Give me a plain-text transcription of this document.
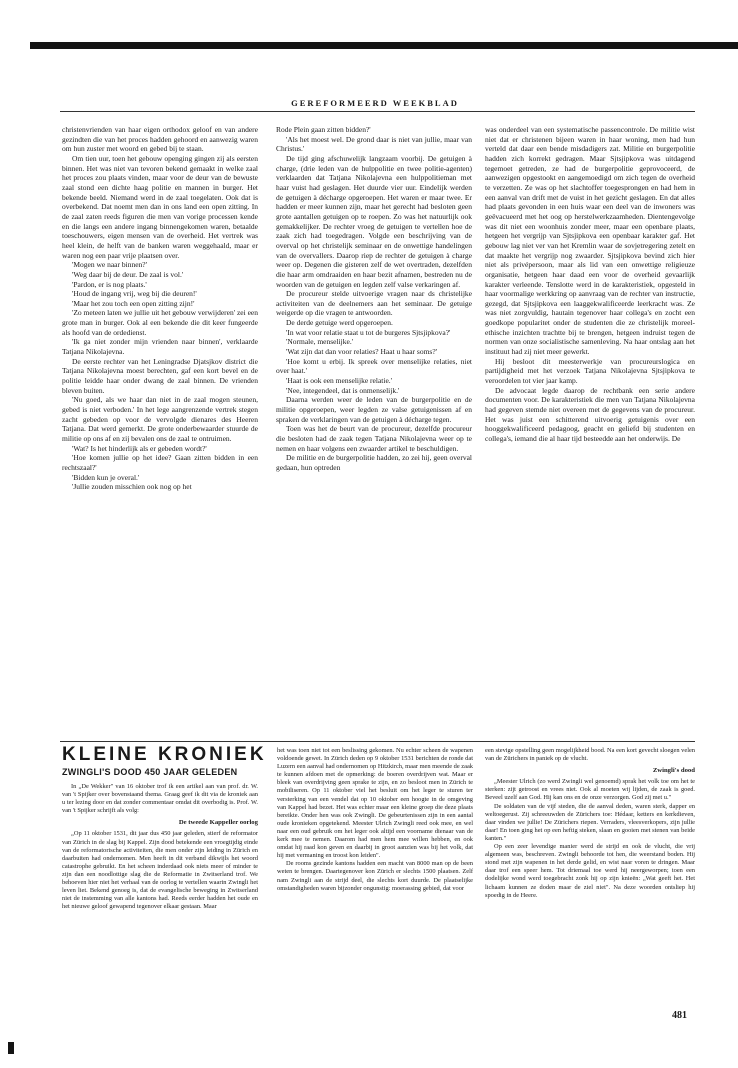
GEREFORMEERD WEEKBLAD

christenvrienden van haar eigen orthodox geloof en van andere gezindten die van het proces hadden gehoord en aanwezig waren om hun zuster met woord en gebed bij te staan.

Om tien uur, toen het gebouw openging gingen zij als eersten binnen. Het was niet van tevoren bekend gemaakt in welke zaal het proces zou plaats vinden, maar voor de deur van de bewuste zaal stond een dichte haag politie en mannen in burger. Het bekende beeld. Niemand werd in de zaal toegelaten. Ook dat is overbekend. Dat noemt men dan in ons land een open zitting. In de zaal zaten reeds figuren die men van vorige processen kende en die langs een andere ingang binnengekomen waren, betaalde toeschouwers, eigen mensen van de overheid. Het vertrek was heel klein, de helft van de banken waren weggehaald, maar er waren nog een paar vrije plaatsen over.

'Mogen we naar binnen?'

'Weg daar bij de deur. De zaal is vol.'

'Pardon, er is nog plaats.'

'Houd de ingang vrij, weg bij die deuren!'

'Maar het zou toch een open zitting zijn!'

'Zo meteen laten we jullie uit het gebouw verwijderen' zei een grote man in burger. Ook al een bekende die dit keer fungeerde als hoofd van de ordedienst.

'Ik ga niet zonder mijn vrienden naar binnen', verklaarde Tatjana Nikolajevna.

De eerste rechter van het Leningradse Djatsjkov district die Tatjana Nikolajevna moest berechten, gaf een kort bevel en de politie leidde haar onder dwang de zaal binnen. De vrienden bleven buiten.

'Nu goed, als we haar dan niet in de zaal mogen steunen, gebed is niet verboden.' In het lege aangrenzende vertrek stegen zacht gebeden op voor de vervolgde dienares des Heeren Tatjana. Dat werd gemerkt. De grote onderbewaarder stuurde de militie op ons af en zij bevalen ons de zaal te ontruimen.

'Wat? Is het hinderlijk als er gebeden wordt?'

'Hoe komen jullie op het idee? Gaan zitten bidden in een rechtszaal?'

'Bidden kun je overal.'

'Jullie zouden misschien ook nog op het

Rode Plein gaan zitten bidden?'

'Als het moest wel. De grond daar is niet van jullie, maar van Christus.'

De tijd ging afschuwelijk langzaam voorbij. De getuigen à charge, (drie leden van de hulppolitie en twee politie-agenten) verklaarden dat Tatjana Nikolajevna een hulppolitieman met haar vuist had geslagen. Het duurde vier uur. Eindelijk werden de getuigen à décharge opgeroepen. Het waren er maar twee. Er hadden er meer kunnen zijn, maar het gerecht had besloten geen grote aantallen getuigen op te roepen. Zo was het natuurlijk ook gemakkelijker. De rechter vroeg de getuigen te vertellen hoe de zaak zich had toegedragen. Volgde een beschrijving van de overval op het christelijk seminaar en de onwettige handelingen van de overvallers. Daarop riep de rechter de getuigen à charge weer op. Degenen die gisteren zelf de wet overtraden, dezelfden die haar arm omdraaiden en haar bezit afnamen, bestreden nu de woorden van de getuigen en legden zelf valse verkaringen af.

De procureur stelde uitvoerige vragen naar ds christelijke activiteiten van de deelnemers aan het seminaar. De getuige weigerde op die vragen te antwoorden.

De derde getuige werd opgeroepen.

'In wat voor relatie staat u tot de burgeres Sjtsjipkova?'

'Normale, menselijke.'

'Wat zijn dat dan voor relaties? Haat u haar soms?'

'Hoe komt u erbij. Ik spreek over menselijke relaties, niet over haat.'

'Haat is ook een menselijke relatie.'

'Nee, integendeel, dat is onmenselijk.'

Daarna werden weer de leden van de burgerpolitie en de militie opgeroepen, weer legden ze valse getuigenissen af en spraken de verklaringen van de getuigen à décharge tegen.

Toen was het de beurt van de procureur, dezelfde procureur die besloten had de zaak tegen Tatjana Nikolajevna weer op te nemen en haar volgens een zwaarder artikel te beschuldigen.

De militie en de burgerpolitie hadden, zo zei hij, geen overval gedaan, hun optreden

was onderdeel van een systematische passencontrole. De militie wist niet dat er christenen bijeen waren in haar woning, men had hun verteld dat daar een bende misdadigers zat. Militie en burgerpolitie hadden zich korrekt gedragen. Maar Sjtsjipkova was uitdagend tegemoet getreden, ze had de burgerpolitie geprovoceerd, de aanwezigen opgestookt en aangemoedigd om zich tegen de overheid te verzetten. Ze was op het slachtoffer toegesprongen en had hem in een aanval van drift met de vuist in het gezicht geslagen. En dat alles had plaats gevonden in een huis waar een deel van de inwoners was geëvacueerd met het oog op herstelwerkzaamheden. Dientengevolge was dit niet een woonhuis zonder meer, maar een openbare plaats, hetgeen het vergrijp van Sjtsjipkova een openbaar karakter gaf. Het gebouw lag niet ver van het Kremlin waar de sovjetregering zetelt en dat maakte het vergrijp nog zwaarder. Sjtsjipkova bevind zich hier niet als privépersoon, maar als lid van een onwettige religieuze organisatie, hetgeen haar daad een voor de overheid gevaarlijk karakter verleende. Tenslotte werd in de karakteristiek, opgesteld in haar voormalige werkkring op aanvraag van de rechter van instructie, gezegd, dat Sjtsjipkova een laaggekwalificeerde leerkracht was. Ze was niet zorgvuldig, hautain tegenover haar collega's en zocht een goedkope popularitet onder de studenten die ze christelijk moreel-ethische inzichten trachtte bij te brengen, hetgeen indruist tegen de normen van onze socialistische samenleving. Na haar ontslag aan het instituut had zij niet meer gewerkt.

Hij besloot dit meesterwerkje van procureurslogica en partijdigheid met het verzoek Tatjana Nikolajevna Sjtsjipkova te veroordelen tot vier jaar kamp.

De advocaat legde daarop de rechtbank een serie andere documenten voor. De karakteristiek die men van Tatjana Nikolajevna had gegeven stemde niet overeen met de gegevens van de procureur. Het was juist een schitterend uitvoerig getuigenis over een hooggekwalificeerd pedagoog, geacht en geliefd bij studenten en collega's, iemand die al haar tijd besteedde aan het onderwijs. De

KLEINE KRONIEK
ZWINGLI'S DOOD 450 JAAR GELEDEN

In „De Wekker" van 16 oktober trof ik een artikel aan van prof. dr. W. van 't Spijker over bovenstaand thema. Graag geef ik dit via de kroniek aan u ter lezing door en dat zonder commentaar omdat dit overbodig is. Prof. W. van 't Spijker schrijft als volg:

De tweede Kappeller oorlog

„Op 11 oktober 1531, dit jaar dus 450 jaar geleden, stierf de reformator van Zürich in de slag bij Kappel. Zijn dood betekende een vroegtijdig einde van de reformatorische activiteiten, die men onder zijn leiding in Zürich en daarbuiten had ondernomen. Men heeft in dit verband dikwijls het woord catastrophe gebruikt. En het scheen inderdaad ook niets meer of minder te zijn dan een noodlottige slag die de Reformatie in Zwitserland trof. We behoeven hier niet het verhaal van de oorlog te vertellen waarin Zwingli het leven liet. Bekend genoeg is, dat de evangelische beweging in Zwitserland niet de instemming van alle kantons had. Reeds eerder hadden het oude en het nieuwe geloof gewapend tegenover elkaar gestaan. Maar

het was toen niet tot een beslissing gekomen. Nu echter scheen de wapenen voldoende gewet. In Zürich deden op 9 oktober 1531 berichten de ronde dat Luzern een aanval had ondernomen op Hitzkirch, maar men meende de zaak te kunnen afdoen met de opmerking: de boeren overdrijven wat. Maar er bleek van overdrijving geen sprake te zijn, en zo besloot men in Zürich te mobiliseren. Op 11 oktober viel het besluit om het leger te sturen ter versterking van een vendel dat op 10 oktober een hoogte in de omgeving van Kappel had bezet. Het was echter maar een kleine groep die deze plaats bereikte. Onder hen was ook Zwingli. De gebeurtenissen zijn in een aantal oude kronieken opgetekend. Meester Ulrich Zwingli reed ook mee, en wel naar een oud gebruik om het leger ook altijd een voorname dienaar van de kerk mee te nemen. Daarom had men hem mee willen hebben, en ook omdat hij raad kon geven en daarbij in groot aanzien was bij het volk, dat hij met vermaning en troost kon leiden".

De rooms gezinde kantons hadden een macht van 8000 man op de been weten te brengen. Daartegenover kon Zürich er slechts 1500 plaatsen. Zelf nam Zwingli aan de strijd deel, die slechts kort duurde. De plaatselijke omstandigheden waren bijzonder ongunstig: moerassing gebied, dat voor

een stevige opstelling geen mogelijkheid bood. Na een kort gevecht sloegen velen van de Zürichers in paniek op de vlucht.

Zwingli's dood

„Meester Ulrich (zo werd Zwingli wel genoemd) sprak het volk toe om het te sterken: zijt getroost en vrees niet. Ook al moeten wij lijden, de zaak is goed. Beveel uzelf aan God. Hij kan ons en de onze verzorgen. God zij met u."

De soldaten van de vijf steden, die de aanval deden, waren sterk, dapper en weltoegerust. Zij schreeuwden de Zürichers toe: Hédaar, ketters en kerkdieven, daar vinden we jullie! De Zürichers riepen. Verraders, vleesverkopers, zijn jullie daar! En toen ging het op een heftig steken, slaan en gooien met stenen van beide kanten."

Op een zeer levendige manier werd de strijd en ook de vlucht, die vrij algemeen was, beschreven. Zwingli behoorde tot hen, die weerstand boden. Hij stond met zijn wapenen in het derde gelid, en wist naar voren te dringen. Maar daar trof een speer hem. Tot driemaal toe werd hij neergeworpen; toen een dodelijke wond werd toegebracht zonk hij op zijn knieën: „Wat geeft het. Het lichaam kunnen ze doden maar de ziel niet". Na deze woorden ontsliep hij spoedig in de Heere.

481
